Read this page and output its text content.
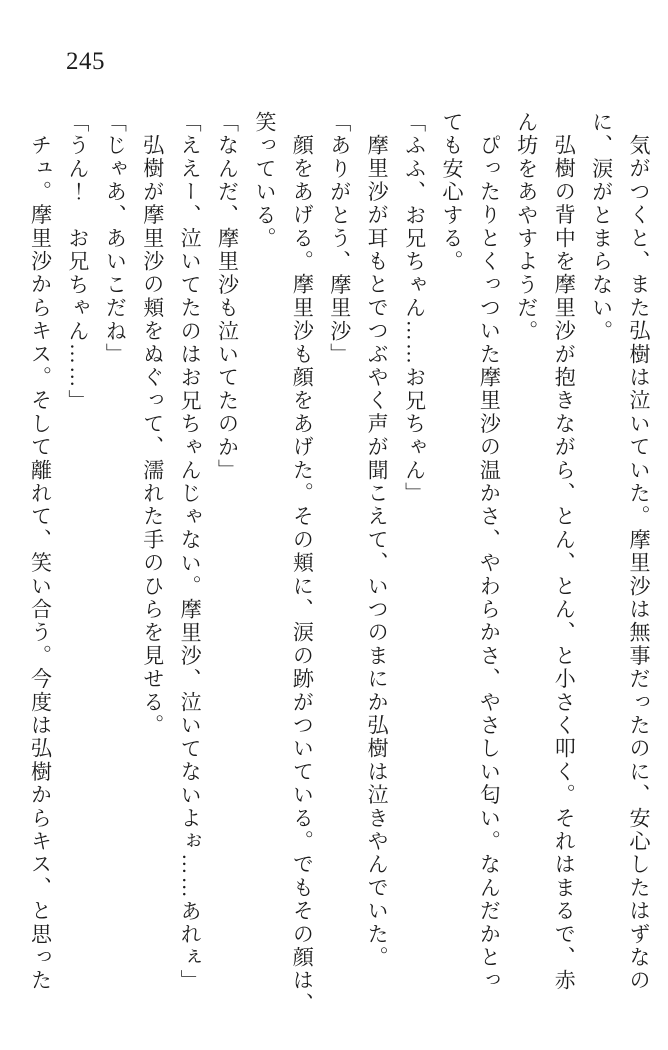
245

気がつくと、また弘樹は泣いていた。摩里沙は無事だったのに、安心したはずなの

に、涙がとまらない。

弘樹の背中を摩里沙が抱きながら、とん、とん、と小さく叩く。それはまるで、赤

ん坊をあやすようだ。

ぴったりとくっついた摩里沙の温かさ、やわらかさ、やさしい匂い。なんだかとっ

ても安心する。

「ふふ、お兄ちゃん……お兄ちゃん」

摩里沙が耳もとでつぶやく声が聞こえて、いつのまにか弘樹は泣きやんでいた。

「ありがとう、摩里沙」

顔をあげる。摩里沙も顔をあげた。その頬に、涙の跡がついている。でもその顔は、

笑っている。

「なんだ、摩里沙も泣いてたのか」

「ええー、泣いてたのはお兄ちゃんじゃない。摩里沙、泣いてないよぉ……あれぇ」

弘樹が摩里沙の頬をぬぐって、濡れた手のひらを見せる。

「じゃあ、あいこだね」

「うん！　お兄ちゃん……」

チュ。摩里沙からキス。そして離れて、笑い合う。今度は弘樹からキス、と思った
